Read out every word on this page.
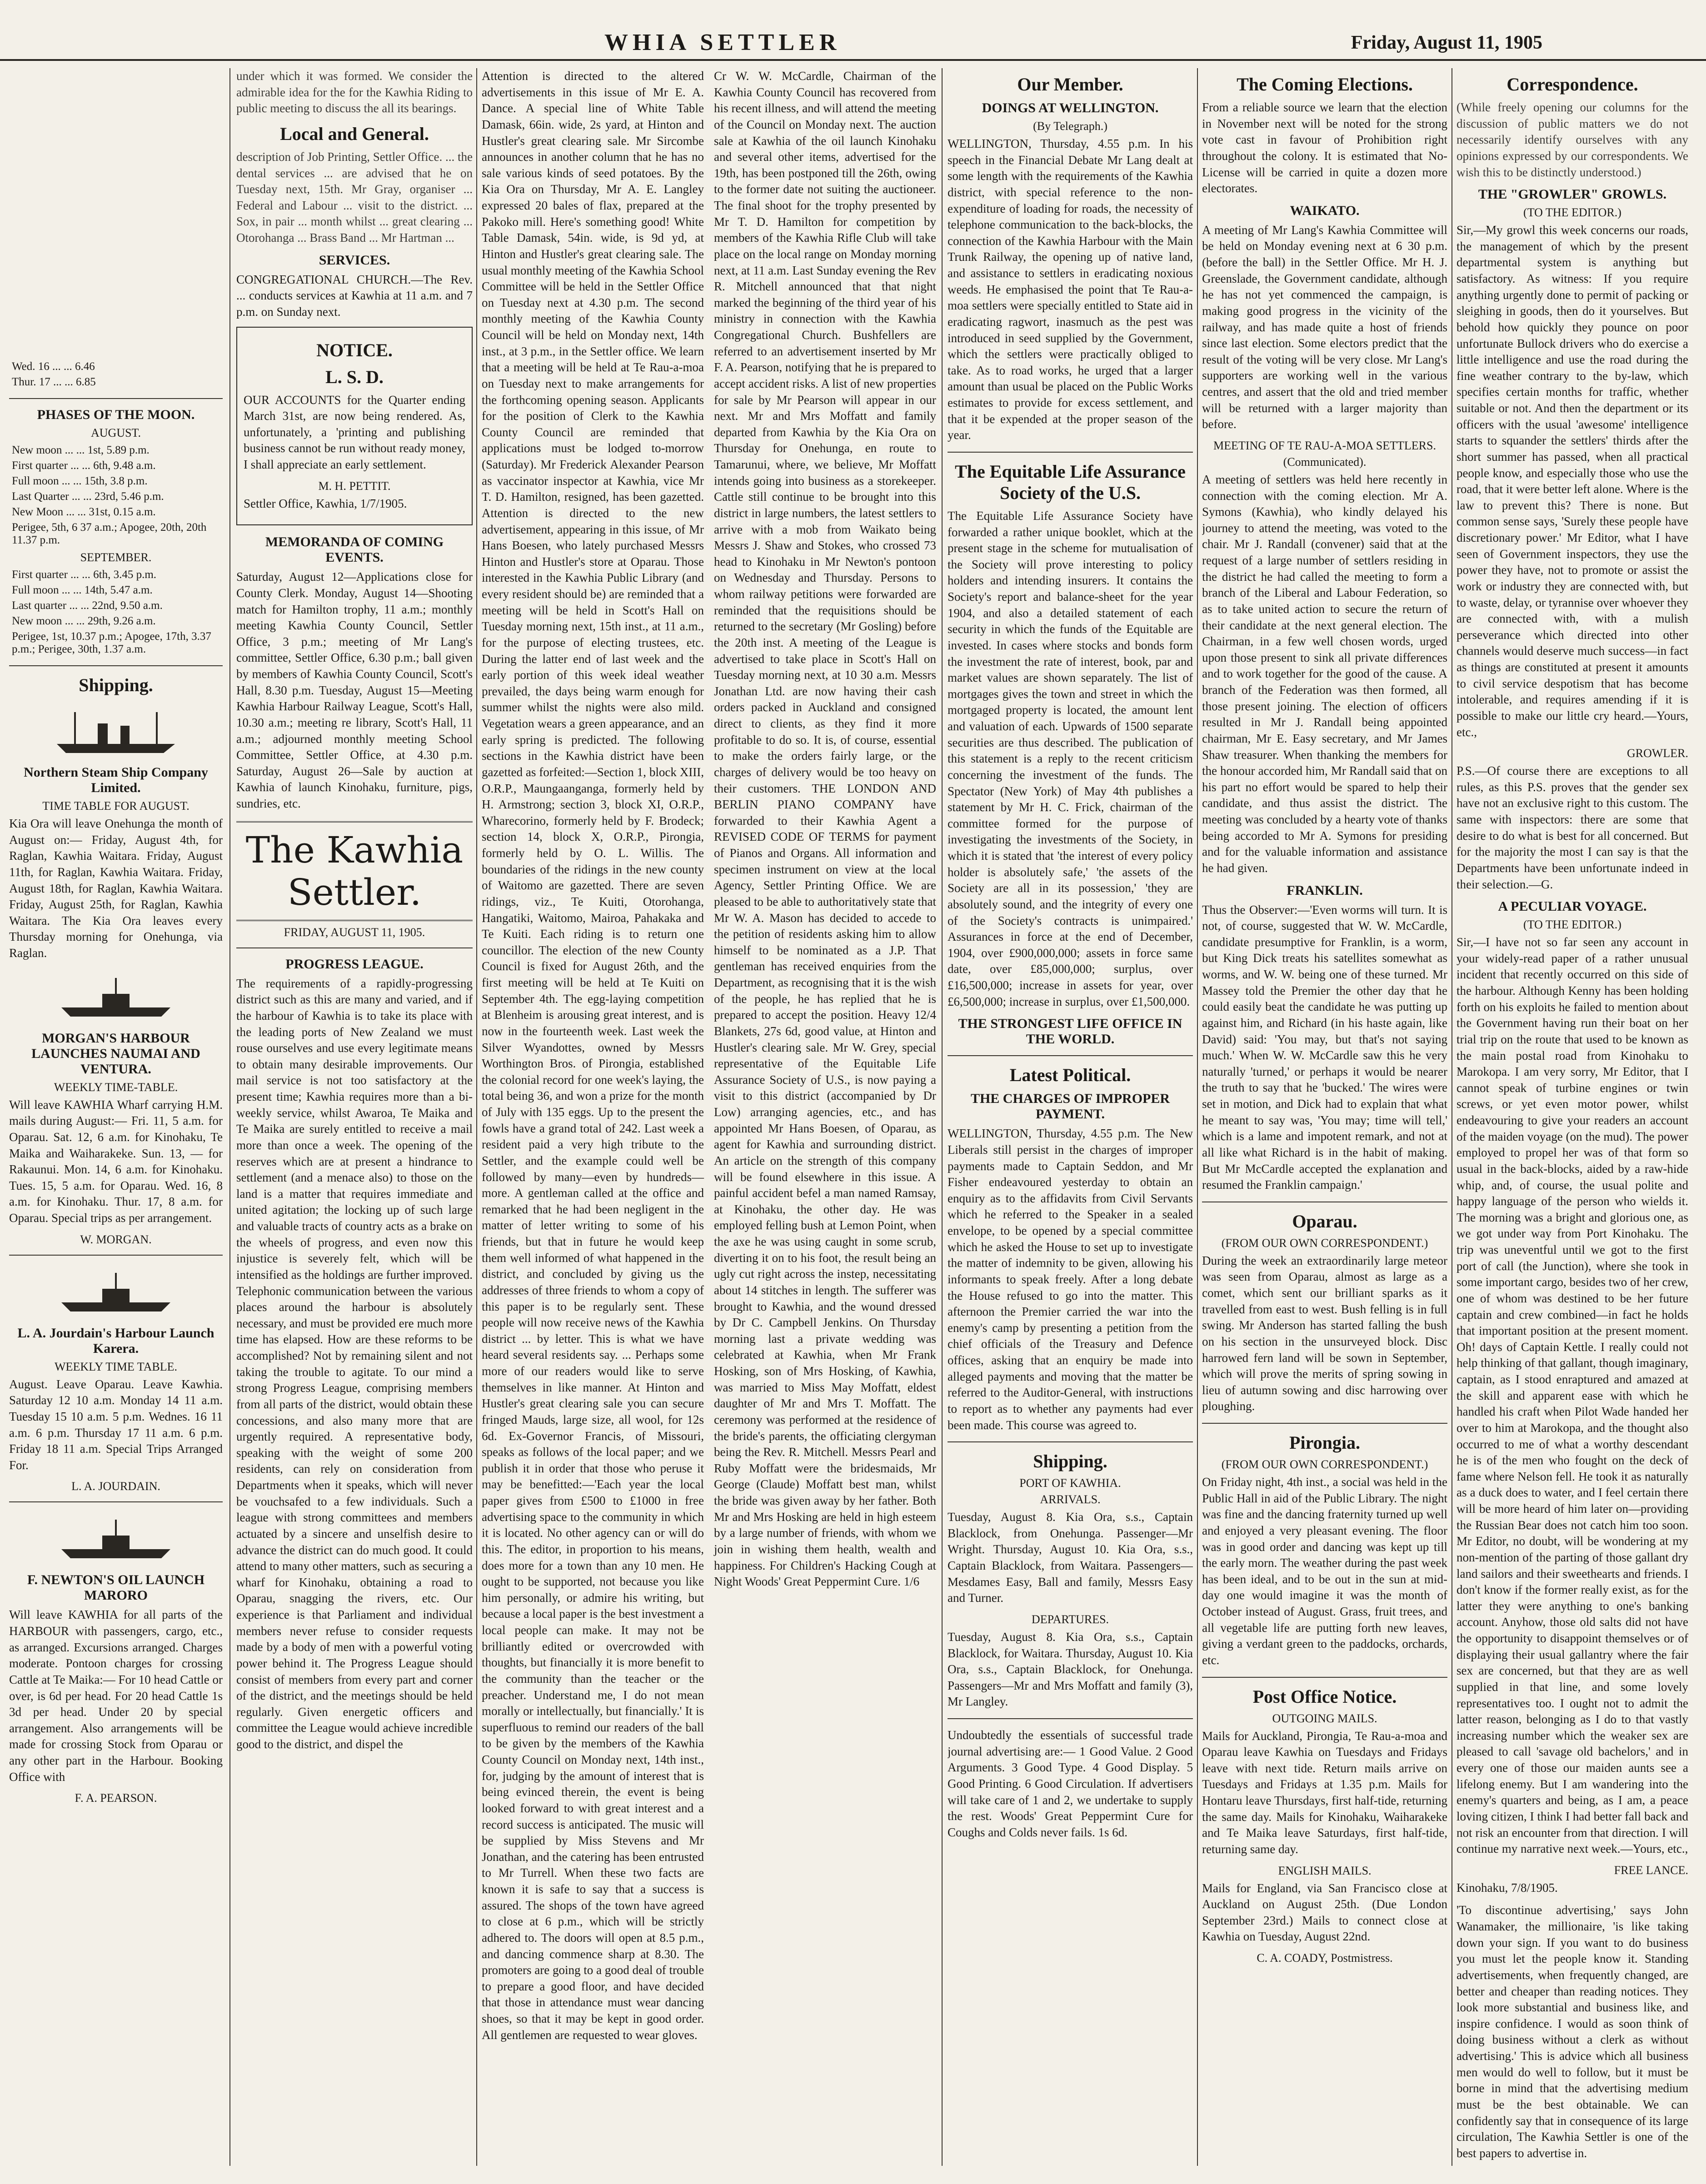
WHIA SETTLER	Friday, August 11, 1905
Wed. 16 ... ... 6.46
Thur. 17 ... ... 6.85
PHASES OF THE MOON.
AUGUST.
New moon ... ... 1st, 5.89 p.m.
First quarter ... ... 6th, 9.48 a.m.
Full moon ... ... 15th, 3.8 p.m.
Last Quarter ... ... 23rd, 5.46 p.m.
New Moon ... ... 31st, 0.15 a.m.
Perigee, 5th, 6 37 a.m.; Apogee, 20th, 20th 11.37 p.m.
SEPTEMBER.
First quarter ... ... 6th, 3.45 p.m.
Full moon ... ... 14th, 5.47 a.m.
Last quarter ... ... 22nd, 9.50 a.m.
New moon ... ... 29th, 9.26 a.m.
Perigee, 1st, 10.37 p.m.; Apogee, 17th, 3.37 p.m.; Perigee, 30th, 1.37 a.m.
Shipping.
Northern Steam Ship Company Limited.
TIME TABLE FOR AUGUST.

Kia Ora will leave Onehunga the month of August on:— Friday, August 4th, for Raglan, Kawhia Waitara. Friday, August 11th, for Raglan, Kawhia Waitara. Friday, August 18th, for Raglan, Kawhia Waitara. Friday, August 25th, for Raglan, Kawhia Waitara. The Kia Ora leaves every Thursday morning for Onehunga, via Raglan.

MORGAN'S HARBOUR LAUNCHES NAUMAI AND VENTURA.
WEEKLY TIME-TABLE.

Will leave KAWHIA Wharf carrying H.M. mails during August:— Fri. 11, 5 a.m. for Oparau. Sat. 12, 6 a.m. for Kinohaku, Te Maika and Waiharakeke. Sun. 13, — for Rakaunui. Mon. 14, 6 a.m. for Kinohaku. Tues. 15, 5 a.m. for Oparau. Wed. 16, 8 a.m. for Kinohaku. Thur. 17, 8 a.m. for Oparau. Special trips as per arrangement.

W. MORGAN.
L. A. Jourdain's Harbour Launch Karera.
WEEKLY TIME TABLE.

August. Leave Oparau. Leave Kawhia. Saturday 12 10 a.m. Monday 14 11 a.m. Tuesday 15 10 a.m. 5 p.m. Wednes. 16 11 a.m. 6 p.m. Thursday 17 11 a.m. 6 p.m. Friday 18 11 a.m. Special Trips Arranged For.

L. A. JOURDAIN.
F. NEWTON'S OIL LAUNCH MARORO

Will leave KAWHIA for all parts of the HARBOUR with passengers, cargo, etc., as arranged. Excursions arranged. Charges moderate. Pontoon charges for crossing Cattle at Te Maika:— For 10 head Cattle or over, is 6d per head. For 20 head Cattle 1s 3d per head. Under 20 by special arrangement. Also arrangements will be made for crossing Stock from Oparau or any other part in the Harbour. Booking Office with

F. A. PEARSON.

under which it was formed. We consider the admirable idea for the for the Kawhia Riding to public meeting to discuss the all its bearings.

Local and General.

description of Job Printing, Settler Office. ... the dental services ... are advised that he on Tuesday next, 15th. Mr Gray, organiser ... Federal and Labour ... visit to the district. ... Sox, in pair ... month whilst ... great clearing ... Otorohanga ... Brass Band ... Mr Hartman ...

SERVICES.

CONGREGATIONAL CHURCH.—The Rev. ... conducts services at Kawhia at 11 a.m. and 7 p.m. on Sunday next.

NOTICE.
L. S. D.

OUR ACCOUNTS for the Quarter ending March 31st, are now being rendered. As, unfortunately, a 'printing and publishing business cannot be run without ready money, I shall appreciate an early settlement.

M. H. PETTIT.

Settler Office, Kawhia, 1/7/1905.

MEMORANDA OF COMING EVENTS.

Saturday, August 12—Applications close for County Clerk. Monday, August 14—Shooting match for Hamilton trophy, 11 a.m.; monthly meeting Kawhia County Council, Settler Office, 3 p.m.; meeting of Mr Lang's committee, Settler Office, 6.30 p.m.; ball given by members of Kawhia County Council, Scott's Hall, 8.30 p.m. Tuesday, August 15—Meeting Kawhia Harbour Railway League, Scott's Hall, 10.30 a.m.; meeting re library, Scott's Hall, 11 a.m.; adjourned monthly meeting School Committee, Settler Office, at 4.30 p.m. Saturday, August 26—Sale by auction at Kawhia of launch Kinohaku, furniture, pigs, sundries, etc.

The Kawhia Settler.
FRIDAY, AUGUST 11, 1905.
PROGRESS LEAGUE.

The requirements of a rapidly-progressing district such as this are many and varied, and if the harbour of Kawhia is to take its place with the leading ports of New Zealand we must rouse ourselves and use every legitimate means to obtain many desirable improvements. Our mail service is not too satisfactory at the present time; Kawhia requires more than a bi-weekly service, whilst Awaroa, Te Maika and Te Maika are surely entitled to receive a mail more than once a week. The opening of the reserves which are at present a hindrance to settlement (and a menace also) to those on the land is a matter that requires immediate and united agitation; the locking up of such large and valuable tracts of country acts as a brake on the wheels of progress, and even now this injustice is severely felt, which will be intensified as the holdings are further improved. Telephonic communication between the various places around the harbour is absolutely necessary, and must be provided ere much more time has elapsed. How are these reforms to be accomplished? Not by remaining silent and not taking the trouble to agitate. To our mind a strong Progress League, comprising members from all parts of the district, would obtain these concessions, and also many more that are urgently required. A representative body, speaking with the weight of some 200 residents, can rely on consideration from Departments when it speaks, which will never be vouchsafed to a few individuals. Such a league with strong committees and members actuated by a sincere and unselfish desire to advance the district can do much good. It could attend to many other matters, such as securing a wharf for Kinohaku, obtaining a road to Oparau, snagging the rivers, etc. Our experience is that Parliament and individual members never refuse to consider requests made by a body of men with a powerful voting power behind it. The Progress League should consist of members from every part and corner of the district, and the meetings should be held regularly. Given energetic officers and committee the League would achieve incredible good to the district, and dispel the

Attention is directed to the altered advertisements in this issue of Mr E. A. Dance. A special line of White Table Damask, 66in. wide, 2s yard, at Hinton and Hustler's great clearing sale. Mr Sircombe announces in another column that he has no sale various kinds of seed potatoes. By the Kia Ora on Thursday, Mr A. E. Langley expressed 20 bales of flax, prepared at the Pakoko mill. Here's something good! White Table Damask, 54in. wide, is 9d yd, at Hinton and Hustler's great clearing sale. The usual monthly meeting of the Kawhia School Committee will be held in the Settler Office on Tuesday next at 4.30 p.m. The second monthly meeting of the Kawhia County Council will be held on Monday next, 14th inst., at 3 p.m., in the Settler office. We learn that a meeting will be held at Te Rau-a-moa on Tuesday next to make arrangements for the forthcoming opening season. Applicants for the position of Clerk to the Kawhia County Council are reminded that applications must be lodged to-morrow (Saturday). Mr Frederick Alexander Pearson as vaccinator inspector at Kawhia, vice Mr T. D. Hamilton, resigned, has been gazetted. Attention is directed to the new advertisement, appearing in this issue, of Mr Hans Boesen, who lately purchased Messrs Hinton and Hustler's store at Oparau. Those interested in the Kawhia Public Library (and every resident should be) are reminded that a meeting will be held in Scott's Hall on Tuesday morning next, 15th inst., at 11 a.m., for the purpose of electing trustees, etc. During the latter end of last week and the early portion of this week ideal weather prevailed, the days being warm enough for summer whilst the nights were also mild. Vegetation wears a green appearance, and an early spring is predicted. The following sections in the Kawhia district have been gazetted as forfeited:—Section 1, block XIII, O.R.P., Maungaanganga, formerly held by H. Armstrong; section 3, block XI, O.R.P., Wharecorino, formerly held by F. Brodeck; section 14, block X, O.R.P., Pirongia, formerly held by O. L. Willis. The boundaries of the ridings in the new county of Waitomo are gazetted. There are seven ridings, viz., Te Kuiti, Otorohanga, Hangatiki, Waitomo, Mairoa, Pahakaka and Te Kuiti. Each riding is to return one councillor. The election of the new County Council is fixed for August 26th, and the first meeting will be held at Te Kuiti on September 4th. The egg-laying competition at Blenheim is arousing great interest, and is now in the fourteenth week. Last week the Silver Wyandottes, owned by Messrs Worthington Bros. of Pirongia, established the colonial record for one week's laying, the total being 36, and won a prize for the month of July with 135 eggs. Up to the present the fowls have a grand total of 242. Last week a resident paid a very high tribute to the Settler, and the example could well be followed by many—even by hundreds—more. A gentleman called at the office and remarked that he had been negligent in the matter of letter writing to some of his friends, but that in future he would keep them well informed of what happened in the district, and concluded by giving us the addresses of three friends to whom a copy of this paper is to be regularly sent. These people will now receive news of the Kawhia district ... by letter. This is what we have heard several residents say. ... Perhaps some more of our readers would like to serve themselves in like manner. At Hinton and Hustler's great clearing sale you can secure fringed Mauds, large size, all wool, for 12s 6d. Ex-Governor Francis, of Missouri, speaks as follows of the local paper; and we publish it in order that those who peruse it may be benefitted:—'Each year the local paper gives from £500 to £1000 in free advertising space to the community in which it is located. No other agency can or will do this. The editor, in proportion to his means, does more for a town than any 10 men. He ought to be supported, not because you like him personally, or admire his writing, but because a local paper is the best investment a local people can make. It may not be brilliantly edited or overcrowded with thoughts, but financially it is more benefit to the community than the teacher or the preacher. Understand me, I do not mean morally or intellectually, but financially.' It is superfluous to remind our readers of the ball to be given by the members of the Kawhia County Council on Monday next, 14th inst., for, judging by the amount of interest that is being evinced therein, the event is being looked forward to with great interest and a record success is anticipated. The music will be supplied by Miss Stevens and Mr Jonathan, and the catering has been entrusted to Mr Turrell. When these two facts are known it is safe to say that a success is assured. The shops of the town have agreed to close at 6 p.m., which will be strictly adhered to. The doors will open at 8.5 p.m., and dancing commence sharp at 8.30. The promoters are going to a good deal of trouble to prepare a good floor, and have decided that those in attendance must wear dancing shoes, so that it may be kept in good order. All gentlemen are requested to wear gloves.

Cr W. W. McCardle, Chairman of the Kawhia County Council has recovered from his recent illness, and will attend the meeting of the Council on Monday next. The auction sale at Kawhia of the oil launch Kinohaku and several other items, advertised for the 19th, has been postponed till the 26th, owing to the former date not suiting the auctioneer. The final shoot for the trophy presented by Mr T. D. Hamilton for competition by members of the Kawhia Rifle Club will take place on the local range on Monday morning next, at 11 a.m. Last Sunday evening the Rev R. Mitchell announced that that night marked the beginning of the third year of his ministry in connection with the Kawhia Congregational Church. Bushfellers are referred to an advertisement inserted by Mr F. A. Pearson, notifying that he is prepared to accept accident risks. A list of new properties for sale by Mr Pearson will appear in our next. Mr and Mrs Moffatt and family departed from Kawhia by the Kia Ora on Thursday for Onehunga, en route to Tamarunui, where, we believe, Mr Moffatt intends going into business as a storekeeper. Cattle still continue to be brought into this district in large numbers, the latest settlers to arrive with a mob from Waikato being Messrs J. Shaw and Stokes, who crossed 73 head to Kinohaku in Mr Newton's pontoon on Wednesday and Thursday. Persons to whom railway petitions were forwarded are reminded that the requisitions should be returned to the secretary (Mr Gosling) before the 20th inst. A meeting of the League is advertised to take place in Scott's Hall on Tuesday morning next, at 10 30 a.m. Messrs Jonathan Ltd. are now having their cash orders packed in Auckland and consigned direct to clients, as they find it more profitable to do so. It is, of course, essential to make the orders fairly large, or the charges of delivery would be too heavy on their customers. THE LONDON AND BERLIN PIANO COMPANY have forwarded to their Kawhia Agent a REVISED CODE OF TERMS for payment of Pianos and Organs. All information and specimen instrument on view at the local Agency, Settler Printing Office. We are pleased to be able to authoritatively state that Mr W. A. Mason has decided to accede to the petition of residents asking him to allow himself to be nominated as a J.P. That gentleman has received enquiries from the Department, as recognising that it is the wish of the people, he has replied that he is prepared to accept the position. Heavy 12/4 Blankets, 27s 6d, good value, at Hinton and Hustler's clearing sale. Mr W. Grey, special representative of the Equitable Life Assurance Society of U.S., is now paying a visit to this district (accompanied by Dr Low) arranging agencies, etc., and has appointed Mr Hans Boesen, of Oparau, as agent for Kawhia and surrounding district. An article on the strength of this company will be found elsewhere in this issue. A painful accident befel a man named Ramsay, at Kinohaku, the other day. He was employed felling bush at Lemon Point, when the axe he was using caught in some scrub, diverting it on to his foot, the result being an ugly cut right across the instep, necessitating about 14 stitches in length. The sufferer was brought to Kawhia, and the wound dressed by Dr C. Campbell Jenkins. On Thursday morning last a private wedding was celebrated at Kawhia, when Mr Frank Hosking, son of Mrs Hosking, of Kawhia, was married to Miss May Moffatt, eldest daughter of Mr and Mrs T. Moffatt. The ceremony was performed at the residence of the bride's parents, the officiating clergyman being the Rev. R. Mitchell. Messrs Pearl and Ruby Moffatt were the bridesmaids, Mr George (Claude) Moffatt best man, whilst the bride was given away by her father. Both Mr and Mrs Hosking are held in high esteem by a large number of friends, with whom we join in wishing them health, wealth and happiness. For Children's Hacking Cough at Night Woods' Great Peppermint Cure. 1/6

Our Member.
DOINGS AT WELLINGTON.
(By Telegraph.)

WELLINGTON, Thursday, 4.55 p.m. In his speech in the Financial Debate Mr Lang dealt at some length with the requirements of the Kawhia district, with special reference to the non-expenditure of loading for roads, the necessity of telephone communication to the back-blocks, the connection of the Kawhia Harbour with the Main Trunk Railway, the opening up of native land, and assistance to settlers in eradicating noxious weeds. He emphasised the point that Te Rau-a-moa settlers were specially entitled to State aid in eradicating ragwort, inasmuch as the pest was introduced in seed supplied by the Government, which the settlers were practically obliged to take. As to road works, he urged that a larger amount than usual be placed on the Public Works estimates to provide for excess settlement, and that it be expended at the proper season of the year.

The Equitable Life Assurance Society of the U.S.

The Equitable Life Assurance Society have forwarded a rather unique booklet, which at the present stage in the scheme for mutualisation of the Society will prove interesting to policy holders and intending insurers. It contains the Society's report and balance-sheet for the year 1904, and also a detailed statement of each security in which the funds of the Equitable are invested. In cases where stocks and bonds form the investment the rate of interest, book, par and market values are shown separately. The list of mortgages gives the town and street in which the mortgaged property is located, the amount lent and valuation of each. Upwards of 1500 separate securities are thus described. The publication of this statement is a reply to the recent criticism concerning the investment of the funds. The Spectator (New York) of May 4th publishes a statement by Mr H. C. Frick, chairman of the committee formed for the purpose of investigating the investments of the Society, in which it is stated that 'the interest of every policy holder is absolutely safe,' 'the assets of the Society are all in its possession,' 'they are absolutely sound, and the integrity of every one of the Society's contracts is unimpaired.' Assurances in force at the end of December, 1904, over £900,000,000; assets in force same date, over £85,000,000; surplus, over £16,500,000; increase in assets for year, over £6,500,000; increase in surplus, over £1,500,000.

THE STRONGEST LIFE OFFICE IN THE WORLD.
Latest Political.
THE CHARGES OF IMPROPER PAYMENT.

WELLINGTON, Thursday, 4.55 p.m. The New Liberals still persist in the charges of improper payments made to Captain Seddon, and Mr Fisher endeavoured yesterday to obtain an enquiry as to the affidavits from Civil Servants which he referred to the Speaker in a sealed envelope, to be opened by a special committee which he asked the House to set up to investigate the matter of indemnity to be given, allowing his informants to speak freely. After a long debate the House refused to go into the matter. This afternoon the Premier carried the war into the enemy's camp by presenting a petition from the chief officials of the Treasury and Defence offices, asking that an enquiry be made into alleged payments and moving that the matter be referred to the Auditor-General, with instructions to report as to whether any payments had ever been made. This course was agreed to.

Shipping.
PORT OF KAWHIA.
ARRIVALS.

Tuesday, August 8. Kia Ora, s.s., Captain Blacklock, from Onehunga. Passenger—Mr Wright. Thursday, August 10. Kia Ora, s.s., Captain Blacklock, from Waitara. Passengers—Mesdames Easy, Ball and family, Messrs Easy and Turner.

DEPARTURES.

Tuesday, August 8. Kia Ora, s.s., Captain Blacklock, for Waitara. Thursday, August 10. Kia Ora, s.s., Captain Blacklock, for Onehunga. Passengers—Mr and Mrs Moffatt and family (3), Mr Langley.

Undoubtedly the essentials of successful trade journal advertising are:— 1 Good Value. 2 Good Arguments. 3 Good Type. 4 Good Display. 5 Good Printing. 6 Good Circulation. If advertisers will take care of 1 and 2, we undertake to supply the rest. Woods' Great Peppermint Cure for Coughs and Colds never fails. 1s 6d.

The Coming Elections.

From a reliable source we learn that the election in November next will be noted for the strong vote cast in favour of Prohibition right throughout the colony. It is estimated that No-License will be carried in quite a dozen more electorates.

WAIKATO.

A meeting of Mr Lang's Kawhia Committee will be held on Monday evening next at 6 30 p.m. (before the ball) in the Settler Office. Mr H. J. Greenslade, the Government candidate, although he has not yet commenced the campaign, is making good progress in the vicinity of the railway, and has made quite a host of friends since last election. Some electors predict that the result of the voting will be very close. Mr Lang's supporters are working well in the various centres, and assert that the old and tried member will be returned with a larger majority than before.

MEETING OF TE RAU-A-MOA SETTLERS.
(Communicated).

A meeting of settlers was held here recently in connection with the coming election. Mr A. Symons (Kawhia), who kindly delayed his journey to attend the meeting, was voted to the chair. Mr J. Randall (convener) said that at the request of a large number of settlers residing in the district he had called the meeting to form a branch of the Liberal and Labour Federation, so as to take united action to secure the return of their candidate at the next general election. The Chairman, in a few well chosen words, urged upon those present to sink all private differences and to work together for the good of the cause. A branch of the Federation was then formed, all those present joining. The election of officers resulted in Mr J. Randall being appointed chairman, Mr E. Easy secretary, and Mr James Shaw treasurer. When thanking the members for the honour accorded him, Mr Randall said that on his part no effort would be spared to help their candidate, and thus assist the district. The meeting was concluded by a hearty vote of thanks being accorded to Mr A. Symons for presiding and for the valuable information and assistance he had given.

FRANKLIN.

Thus the Observer:—'Even worms will turn. It is not, of course, suggested that W. W. McCardle, candidate presumptive for Franklin, is a worm, but King Dick treats his satellites somewhat as worms, and W. W. being one of these turned. Mr Massey told the Premier the other day that he could easily beat the candidate he was putting up against him, and Richard (in his haste again, like David) said: 'You may, but that's not saying much.' When W. W. McCardle saw this he very naturally 'turned,' or perhaps it would be nearer the truth to say that he 'bucked.' The wires were set in motion, and Dick had to explain that what he meant to say was, 'You may; time will tell,' which is a lame and impotent remark, and not at all like what Richard is in the habit of making. But Mr McCardle accepted the explanation and resumed the Franklin campaign.'

Oparau.
(FROM OUR OWN CORRESPONDENT.)

During the week an extraordinarily large meteor was seen from Oparau, almost as large as a comet, which sent our brilliant sparks as it travelled from east to west. Bush felling is in full swing. Mr Anderson has started falling the bush on his section in the unsurveyed block. Disc harrowed fern land will be sown in September, which will prove the merits of spring sowing in lieu of autumn sowing and disc harrowing over ploughing.

Pirongia.
(FROM OUR OWN CORRESPONDENT.)

On Friday night, 4th inst., a social was held in the Public Hall in aid of the Public Library. The night was fine and the dancing fraternity turned up well and enjoyed a very pleasant evening. The floor was in good order and dancing was kept up till the early morn. The weather during the past week has been ideal, and to be out in the sun at mid-day one would imagine it was the month of October instead of August. Grass, fruit trees, and all vegetable life are putting forth new leaves, giving a verdant green to the paddocks, orchards, etc.

Post Office Notice.
OUTGOING MAILS.

Mails for Auckland, Pirongia, Te Rau-a-moa and Oparau leave Kawhia on Tuesdays and Fridays leave with next tide. Return mails arrive on Tuesdays and Fridays at 1.35 p.m. Mails for Hontaru leave Thursdays, first half-tide, returning the same day. Mails for Kinohaku, Waiharakeke and Te Maika leave Saturdays, first half-tide, returning same day.

ENGLISH MAILS.

Mails for England, via San Francisco close at Auckland on August 25th. (Due London September 23rd.) Mails to connect close at Kawhia on Tuesday, August 22nd.

C. A. COADY, Postmistress.
Correspondence.

(While freely opening our columns for the discussion of public matters we do not necessarily identify ourselves with any opinions expressed by our correspondents. We wish this to be distinctly understood.)

THE "GROWLER" GROWLS.
(TO THE EDITOR.)

Sir,—My growl this week concerns our roads, the management of which by the present departmental system is anything but satisfactory. As witness: If you require anything urgently done to permit of packing or sleighing in goods, then do it yourselves. But behold how quickly they pounce on poor unfortunate Bullock drivers who do exercise a little intelligence and use the road during the fine weather contrary to the by-law, which specifies certain months for traffic, whether suitable or not. And then the department or its officers with the usual 'awesome' intelligence starts to squander the settlers' thirds after the short summer has passed, when all practical people know, and especially those who use the road, that it were better left alone. Where is the law to prevent this? There is none. But common sense says, 'Surely these people have discretionary power.' Mr Editor, what I have seen of Government inspectors, they use the power they have, not to promote or assist the work or industry they are connected with, but to waste, delay, or tyrannise over whoever they are connected with, with a mulish perseverance which directed into other channels would deserve much success—in fact as things are constituted at present it amounts to civil service despotism that has become intolerable, and requires amending if it is possible to make our little cry heard.—Yours, etc.,

GROWLER.

P.S.—Of course there are exceptions to all rules, as this P.S. proves that the gender sex have not an exclusive right to this custom. The same with inspectors: there are some that desire to do what is best for all concerned. But for the majority the most I can say is that the Departments have been unfortunate indeed in their selection.—G.

A PECULIAR VOYAGE.
(TO THE EDITOR.)

Sir,—I have not so far seen any account in your widely-read paper of a rather unusual incident that recently occurred on this side of the harbour. Although Kenny has been holding forth on his exploits he failed to mention about the Government having run their boat on her trial trip on the route that used to be known as the main postal road from Kinohaku to Marokopa. I am very sorry, Mr Editor, that I cannot speak of turbine engines or twin screws, or yet even motor power, whilst endeavouring to give your readers an account of the maiden voyage (on the mud). The power employed to propel her was of that form so usual in the back-blocks, aided by a raw-hide whip, and, of course, the usual polite and happy language of the person who wields it. The morning was a bright and glorious one, as we got under way from Port Kinohaku. The trip was uneventful until we got to the first port of call (the Junction), where she took in some important cargo, besides two of her crew, one of whom was destined to be her future captain and crew combined—in fact he holds that important position at the present moment. Oh! days of Captain Kettle. I really could not help thinking of that gallant, though imaginary, captain, as I stood enraptured and amazed at the skill and apparent ease with which he handled his craft when Pilot Wade handed her over to him at Marokopa, and the thought also occurred to me of what a worthy descendant he is of the men who fought on the deck of fame where Nelson fell. He took it as naturally as a duck does to water, and I feel certain there will be more heard of him later on—providing the Russian Bear does not catch him too soon. Mr Editor, no doubt, will be wondering at my non-mention of the parting of those gallant dry land sailors and their sweethearts and friends. I don't know if the former really exist, as for the latter they were anything to one's banking account. Anyhow, those old salts did not have the opportunity to disappoint themselves or of displaying their usual gallantry where the fair sex are concerned, but that they are as well supplied in that line, and some lovely representatives too. I ought not to admit the latter reason, belonging as I do to that vastly increasing number which the weaker sex are pleased to call 'savage old bachelors,' and in every one of those our maiden aunts see a lifelong enemy. But I am wandering into the enemy's quarters and being, as I am, a peace loving citizen, I think I had better fall back and not risk an encounter from that direction. I will continue my narrative next week.—Yours, etc.,

FREE LANCE.

Kinohaku, 7/8/1905.

'To discontinue advertising,' says John Wanamaker, the millionaire, 'is like taking down your sign. If you want to do business you must let the people know it. Standing advertisements, when frequently changed, are better and cheaper than reading notices. They look more substantial and business like, and inspire confidence. I would as soon think of doing business without a clerk as without advertising.' This is advice which all business men would do well to follow, but it must be borne in mind that the advertising medium must be the best obtainable. We can confidently say that in consequence of its large circulation, The Kawhia Settler is one of the best papers to advertise in.
